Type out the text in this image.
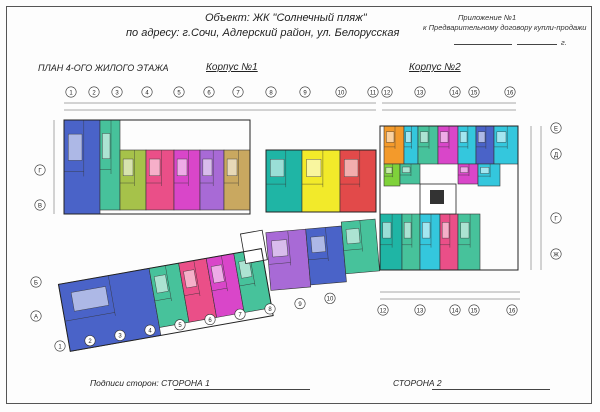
Объект: ЖК "Солнечный пляж"
по адресу: г.Сочи, Адлерский район, ул. Белорусская
Приложение №1
к Предварительному договору купли-продажи
г.
ПЛАН 4-ОГО ЖИЛОГО ЭТАЖА	Корпус №1	Корпус №2
1	2	3	4	5	6	7	8	9	10	11 12	13	14 15	16
Г
В
Б
А
Е
Д
Г
Ж
12	13	14 15	16
1
2
3
4
5
6
7
8
9
10
Подписи сторон: СТОРОНА 1	СТОРОНА 2
